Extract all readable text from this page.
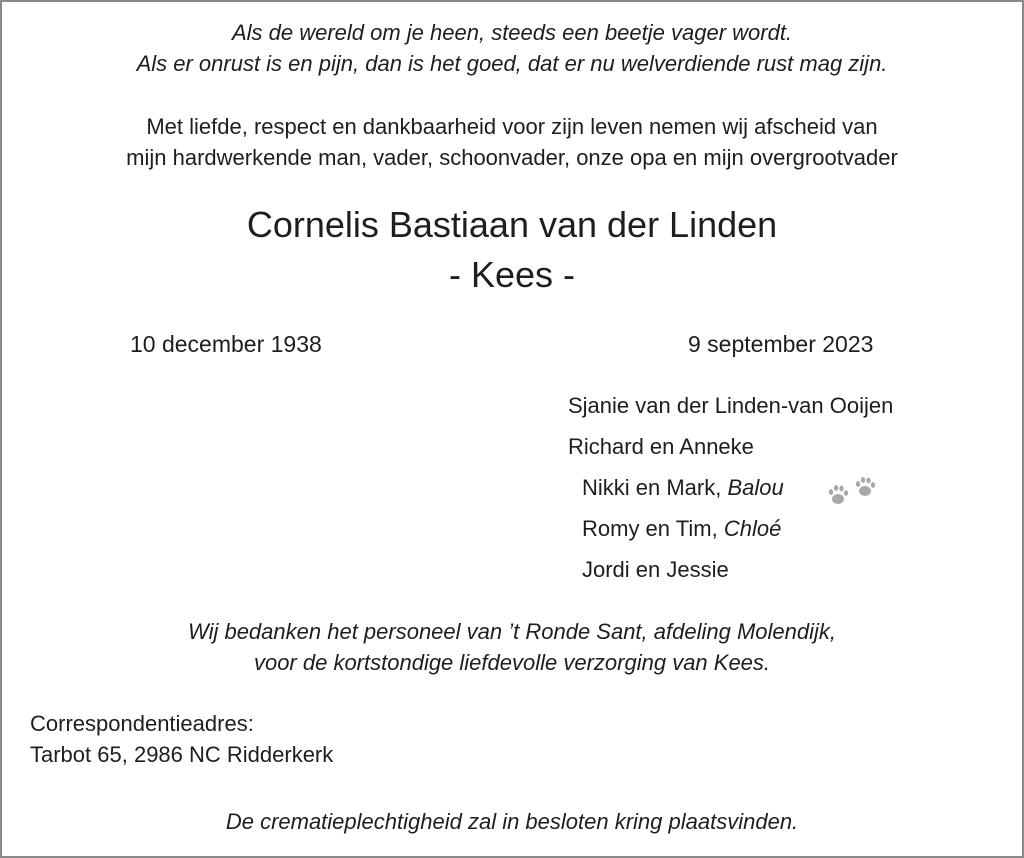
Als de wereld om je heen, steeds een beetje vager wordt.
Als er onrust is en pijn, dan is het goed, dat er nu welverdiende rust mag zijn.
Met liefde, respect en dankbaarheid voor zijn leven nemen wij afscheid van
mijn hardwerkende man, vader, schoonvader, onze opa en mijn overgrootvader
Cornelis Bastiaan van der Linden
- Kees -
10 december 1938	9 september 2023
Sjanie van der Linden-van Ooijen
Richard en Anneke
Nikki en Mark, Balou
Romy en Tim, Chloé
Jordi en Jessie
Wij bedanken het personeel van ’t Ronde Sant, afdeling Molendijk,
voor de kortstondige liefdevolle verzorging van Kees.
Correspondentieadres:
Tarbot 65, 2986 NC Ridderkerk
De crematieplechtigheid zal in besloten kring plaatsvinden.
